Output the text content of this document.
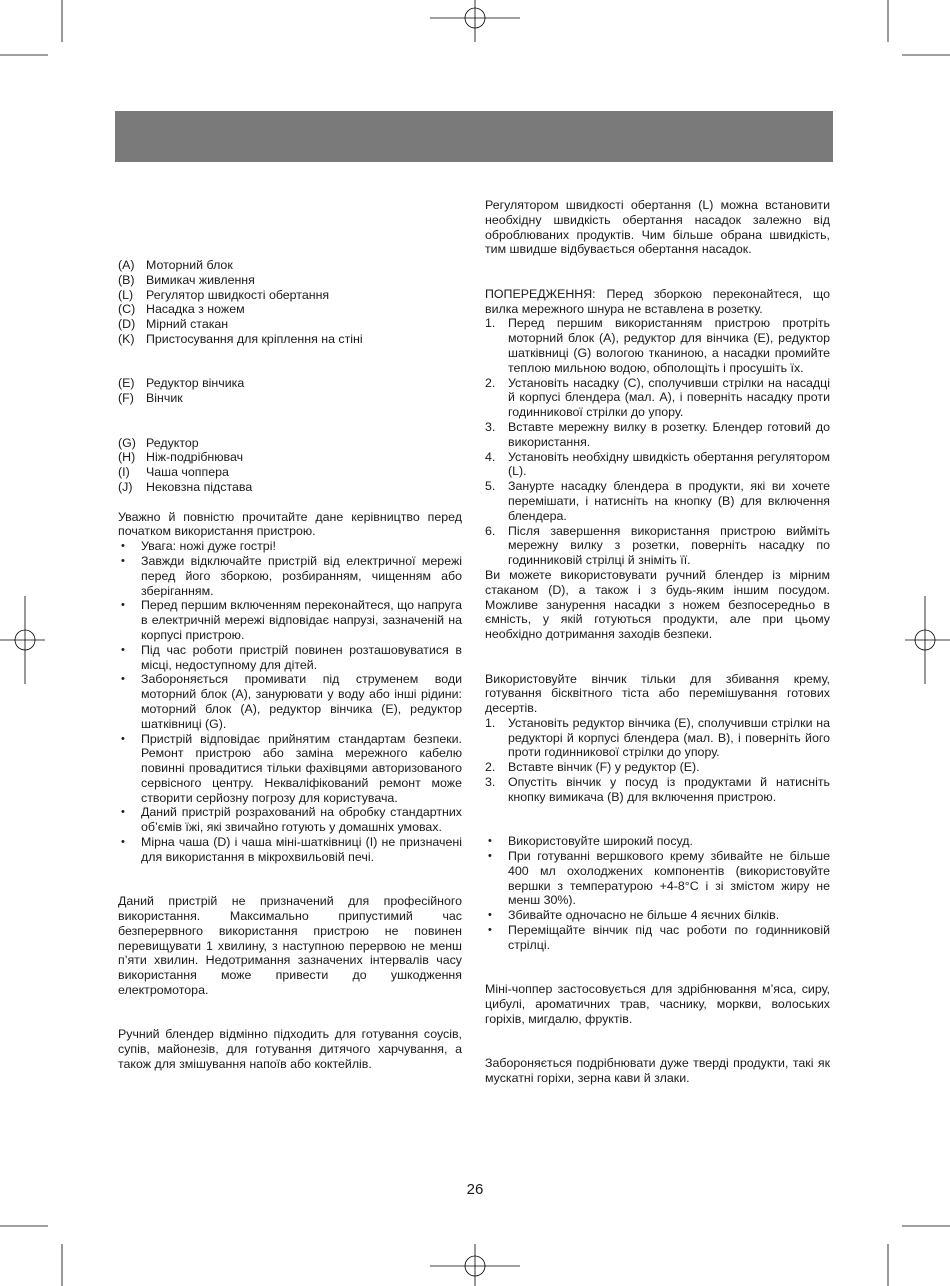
(A) Моторний блок
(B) Вимикач живлення
(L)	Регулятор швидкості обертання
(C) Насадка з ножем
(D) Мірний стакан
(K) Пристосування для кріплення на стіні
(E) Редуктор вінчика
(F) Вінчик
(G) Редуктор
(H) Ніж-подрібнювач
(I)	Чаша чоппера
(J)	Нековзна підстава

Уважно й повністю прочитайте дане керівництво перед початком використання пристрою.

• Увага: ножі дуже гострі!
• Завжди відключайте пристрій від електричної мережі перед його зборкою, розбиранням, чищенням або зберіганням.
• Перед першим включенням переконайтеся, що напруга в електричній мережі відповідає напрузі, зазначеній на корпусі пристрою.
• Під час роботи пристрій повинен розташовуватися в місці, недоступному для дітей.
• Забороняється промивати під струменем води моторний блок (A), занурювати у воду або інші рідини: моторний блок (A), редуктор вінчика (E), редуктор шатківниці (G).
• Пристрій відповідає прийнятим стандартам безпеки. Ремонт пристрою або заміна мережного кабелю повинні провадитися тільки фахівцями авторизованого сервісного центру. Некваліфікований ремонт може створити серйозну погрозу для користувача.
• Даний пристрій розрахований на обробку стандартних об’ємів їжі, які звичайно готують у домашніх умовах.
• Мірна чаша (D) і чаша міні-шатківниці (I) не призначені для використання в мікрохвильовій печі.

Даний пристрій не призначений для професійного використання. Максимально припустимий час безперервного використання пристрою не повинен перевищувати 1 хвилину, з наступною перервою не менш п’яти хвилин. Недотримання зазначених інтервалів часу використання може привести до ушкодження електромотора.

Ручний блендер відмінно підходить для готування соусів, супів, майонезів, для готування дитячого харчування, а також для змішування напоїв або коктейлів.

Регулятором швидкості обертання (L) можна встановити необхідну швидкість обертання насадок залежно від оброблюваних продуктів. Чим більше обрана швидкість, тим швидше відбувається обертання насадок.

ПОПЕРЕДЖЕННЯ: Перед зборкою переконайтеся, що вилка мережного шнура не вставлена в розетку.

1. Перед першим використанням пристрою протріть моторний блок (A), редуктор для вінчика (E), редуктор шатківниці (G) вологою тканиною, а насадки промийте теплою мильною водою, обполощіть і просушіть їх.
2. Установіть насадку (C), сполучивши стрілки на насадці й корпусі блендера (мал. A), і поверніть насадку проти годинникової стрілки до упору.
3. Вставте мережну вилку в розетку. Блендер готовий до використання.
4. Установіть необхідну швидкість обертання регулятором (L).
5. Занурте насадку блендера в продукти, які ви хочете перемішати, і натисніть на кнопку (B) для включення блендера.
6. Після завершення використання пристрою вийміть мережну вилку з розетки, поверніть насадку по годинниковій стрілці й зніміть її.

Ви можете використовувати ручний блендер із мірним стаканом (D), а також і з будь-яким іншим посудом. Можливе занурення насадки з ножем безпосередньо в ємність, у якій готуються продукти, але при цьому необхідно дотримання заходів безпеки.

Використовуйте вінчик тільки для збивання крему, готування бісквітного тіста або перемішування готових десертів.

1. Установіть редуктор вінчика (E), сполучивши стрілки на редукторі й корпусі блендера (мал. B), і поверніть його проти годинникової стрілки до упору.
2. Вставте вінчик (F) у редуктор (E).
3. Опустіть вінчик у посуд із продуктами й натисніть кнопку вимикача (B) для включення пристрою.
• Використовуйте широкий посуд.
• При готуванні вершкового крему збивайте не більше 400 мл охолоджених компонентів (використовуйте вершки з температурою +4-8°C і зі змістом жиру не менш 30%).
• Збивайте одночасно не більше 4 яєчних білків.
• Переміщайте вінчик під час роботи по годинниковій стрілці.

Міні-чоппер застосовується для здрібнювання м’яса, сиру, цибулі, ароматичних трав, часнику, моркви, волоських горіхів, мигдалю, фруктів.

Забороняється подрібнювати дуже тверді продукти, такі як мускатні горіхи, зерна кави й злаки.

26
